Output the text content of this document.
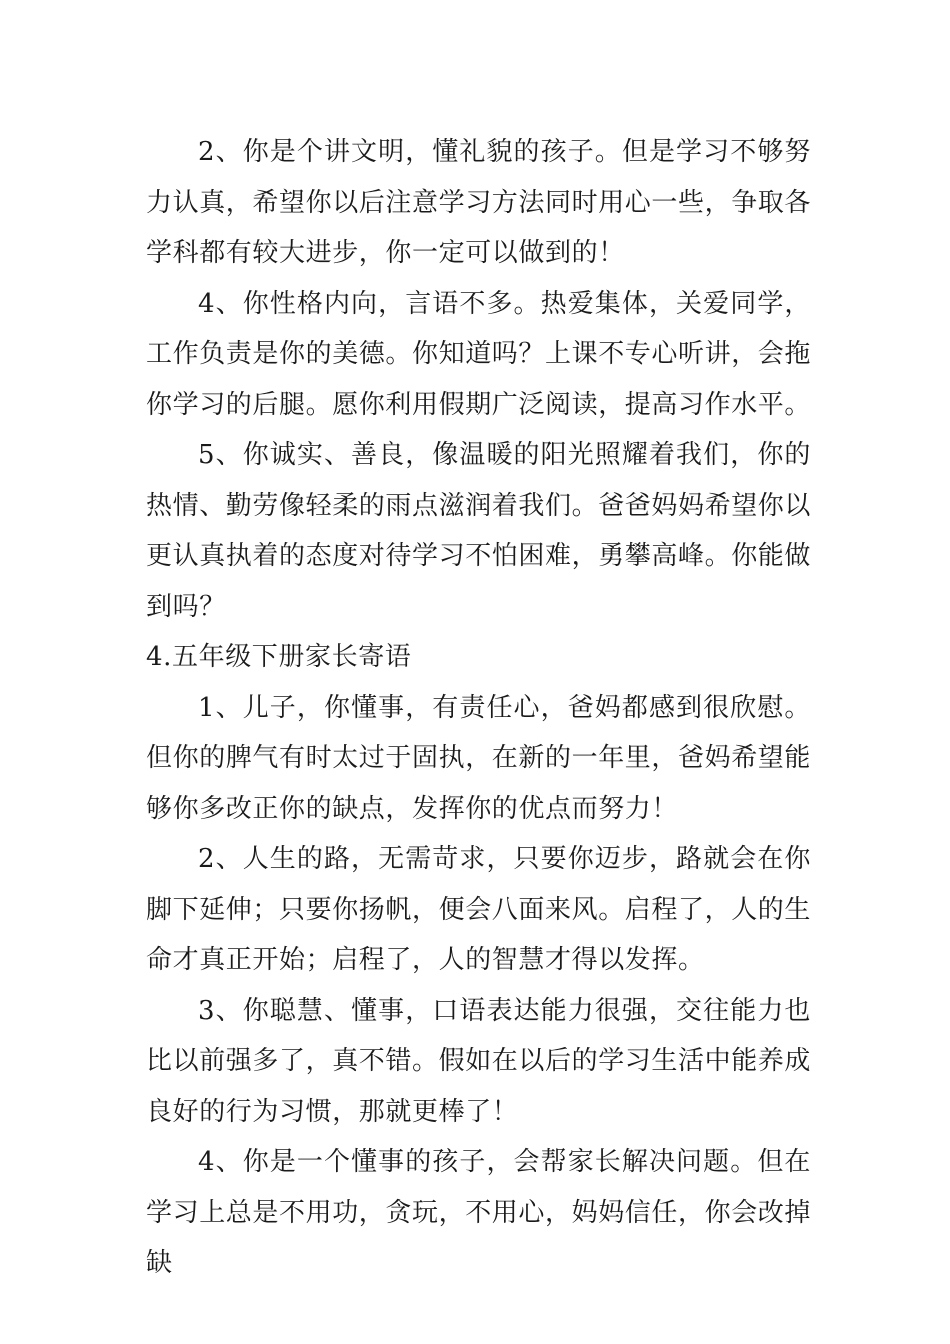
2、你是个讲文明，懂礼貌的孩子。但是学习不够努力认真，希望你以后注意学习方法同时用心一些，争取各学科都有较大进步，你一定可以做到的！

4、你性格内向，言语不多。热爱集体，关爱同学，工作负责是你的美德。你知道吗？上课不专心听讲，会拖你学习的后腿。愿你利用假期广泛阅读，提高习作水平。

5、你诚实、善良，像温暖的阳光照耀着我们，你的热情、勤劳像轻柔的雨点滋润着我们。爸爸妈妈希望你以更认真执着的态度对待学习不怕困难，勇攀高峰。你能做到吗？

4.五年级下册家长寄语

1、儿子，你懂事，有责任心，爸妈都感到很欣慰。但你的脾气有时太过于固执，在新的一年里，爸妈希望能够你多改正你的缺点，发挥你的优点而努力！

2、人生的路，无需苛求，只要你迈步，路就会在你脚下延伸；只要你扬帆，便会八面来风。启程了，人的生命才真正开始；启程了，人的智慧才得以发挥。

3、你聪慧、懂事，口语表达能力很强，交往能力也比以前强多了，真不错。假如在以后的学习生活中能养成良好的行为习惯，那就更棒了！

4、你是一个懂事的孩子，会帮家长解决问题。但在学习上总是不用功，贪玩，不用心，妈妈信任，你会改掉缺
